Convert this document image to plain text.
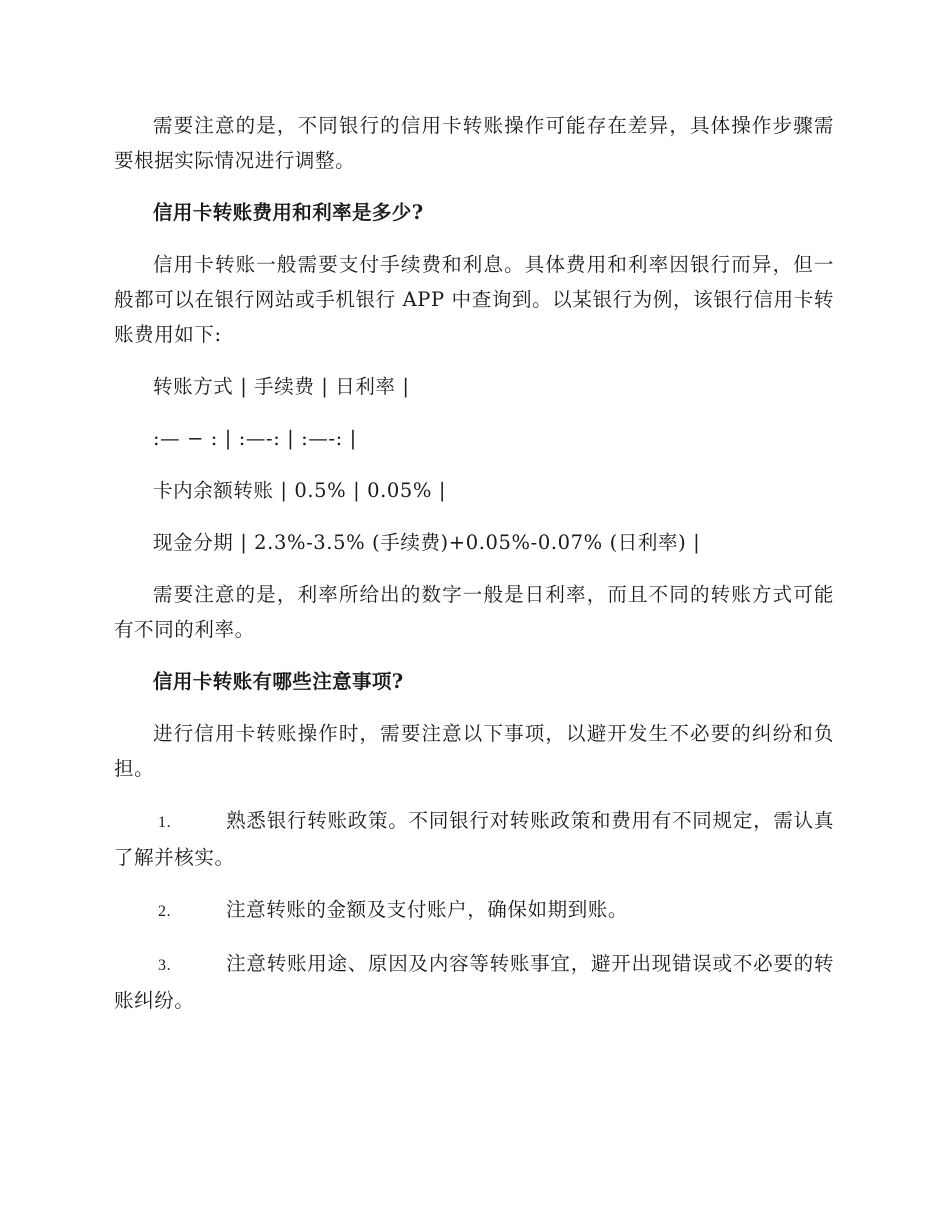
需要注意的是，不同银行的信用卡转账操作可能存在差异，具体操作步骤需要根据实际情况进行调整。

信用卡转账费用和利率是多少?

信用卡转账一般需要支付手续费和利息。具体费用和利率因银行而异，但一般都可以在银行网站或手机银行 APP 中查询到。以某银行为例，该银行信用卡转账费用如下:

转账方式 | 手续费 | 日利率 |

:— − : | :—-: | :—-: |

卡内余额转账 | 0.5% | 0.05% |

现金分期 | 2.3%-3.5% (手续费)+0.05%-0.07% (日利率) |

需要注意的是，利率所给出的数字一般是日利率，而且不同的转账方式可能有不同的利率。

信用卡转账有哪些注意事项?

进行信用卡转账操作时，需要注意以下事项，以避开发生不必要的纠纷和负担。

1.	熟悉银行转账政策。不同银行对转账政策和费用有不同规定，需认真了解并核实。

2.	注意转账的金额及支付账户，确保如期到账。

3.	注意转账用途、原因及内容等转账事宜，避开出现错误或不必要的转账纠纷。
